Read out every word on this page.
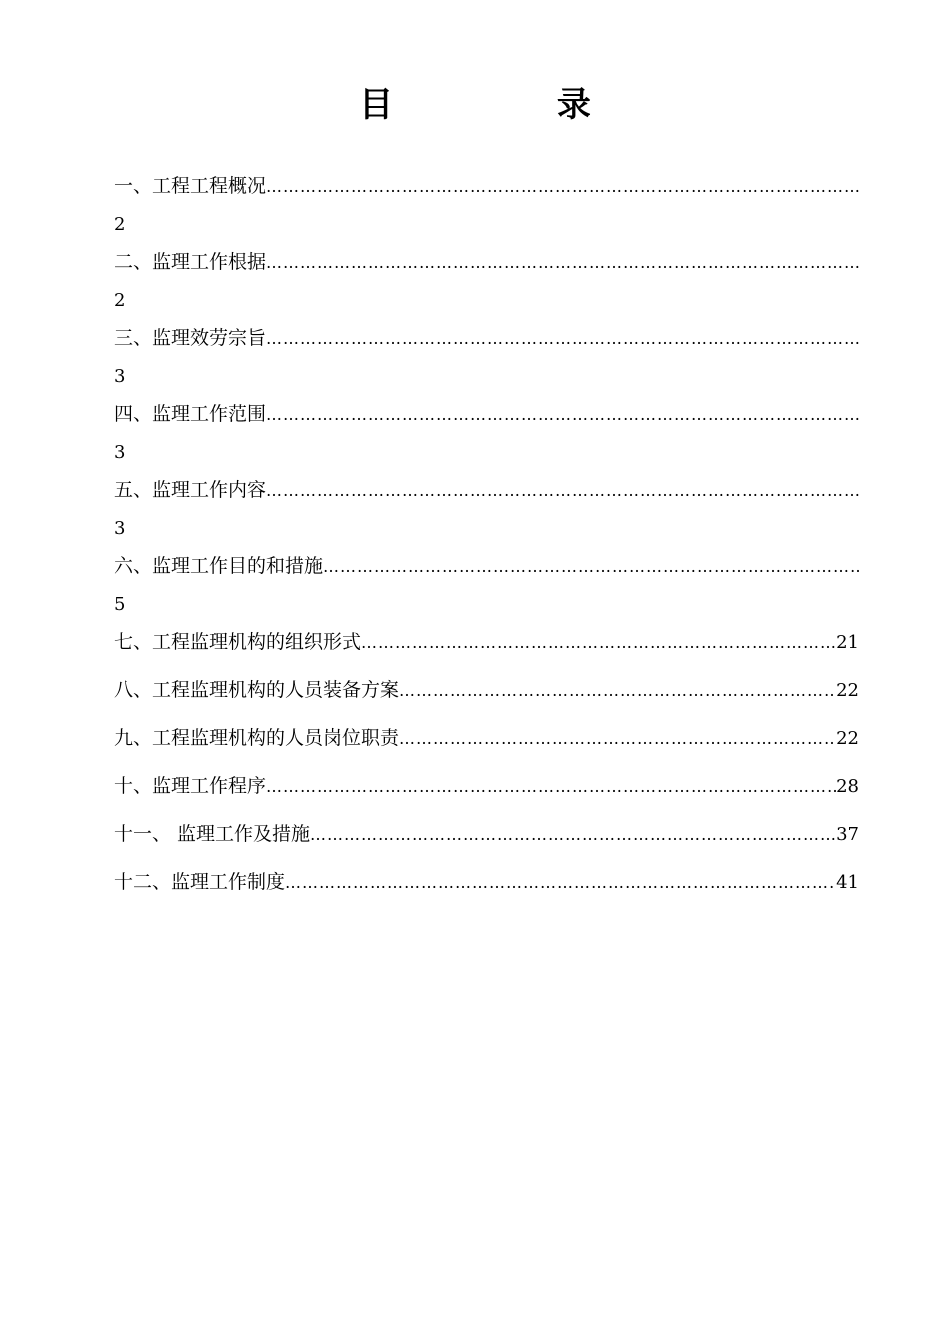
目 录
一、工程工程概况
……………………………………………………………………………………………………………………………………………………………………
2
二、监理工作根据
……………………………………………………………………………………………………………………………………………………………………
2
三、监理效劳宗旨
……………………………………………………………………………………………………………………………………………………………………
3
四、监理工作范围
……………………………………………………………………………………………………………………………………………………………………
3
五、监理工作内容
……………………………………………………………………………………………………………………………………………………………………
3
六、监理工作目的和措施
……………………………………………………………………………………………………………………………………………………………………
5
七、工程监理机构的组织形式 ……………………………………………………………………………………………………………………………………………………………………	21
八、工程监理机构的人员装备方案 ……………………………………………………………………………………………………………………………………………………………………	22
九、工程监理机构的人员岗位职责 ……………………………………………………………………………………………………………………………………………………………………	22
十、监理工作程序 ……………………………………………………………………………………………………………………………………………………………………	28
十一、 监理工作及措施 ……………………………………………………………………………………………………………………………………………………………………	37
十二、监理工作制度 ……………………………………………………………………………………………………………………………………………………………………	41
